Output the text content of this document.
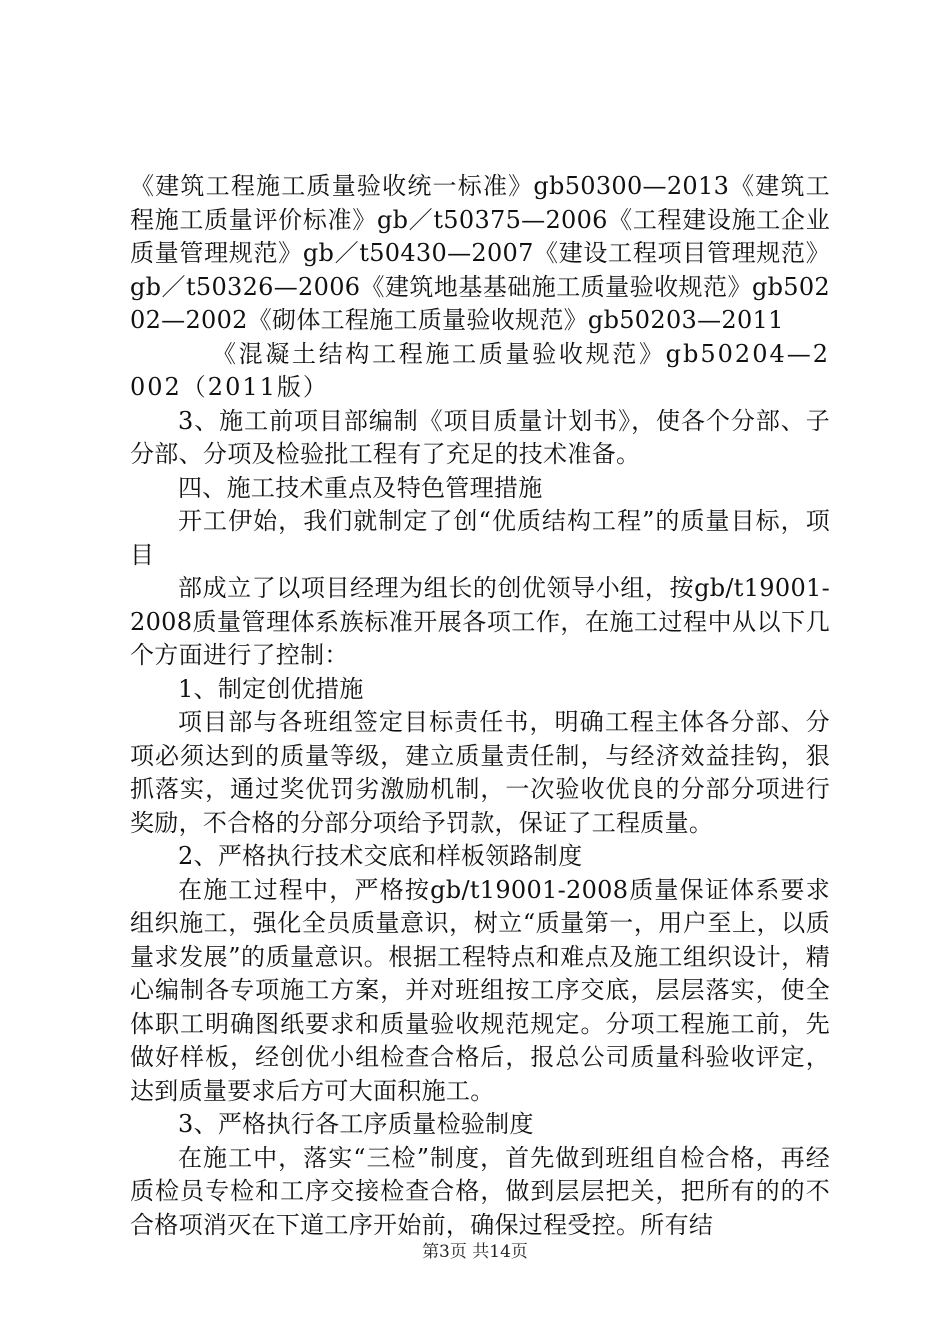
《建筑工程施工质量验收统一标准》gb50300—2013《建筑工程施工质量评价标准》gb／t50375—2006《工程建设施工企业质量管理规范》gb／t50430—2007《建设工程项目管理规范》gb／t50326—2006《建筑地基基础施工质量验收规范》gb50202—2002《砌体工程施工质量验收规范》gb50203—2011

《混凝土结构工程施工质量验收规范》gb50204—2002（2011版）

3、施工前项目部编制《项目质量计划书》，使各个分部、子分部、分项及检验批工程有了充足的技术准备。

四、施工技术重点及特色管理措施

开工伊始，我们就制定了创“优质结构工程”的质量目标，项目

部成立了以项目经理为组长的创优领导小组，按gb/t19001-2008质量管理体系族标准开展各项工作，在施工过程中从以下几个方面进行了控制：

1、制定创优措施

项目部与各班组签定目标责任书，明确工程主体各分部、分项必须达到的质量等级，建立质量责任制，与经济效益挂钩，狠抓落实，通过奖优罚劣激励机制，一次验收优良的分部分项进行奖励，不合格的分部分项给予罚款，保证了工程质量。

2、严格执行技术交底和样板领路制度

在施工过程中，严格按gb/t19001-2008质量保证体系要求组织施工，强化全员质量意识，树立“质量第一，用户至上，以质量求发展”的质量意识。根据工程特点和难点及施工组织设计，精心编制各专项施工方案，并对班组按工序交底，层层落实，使全体职工明确图纸要求和质量验收规范规定。分项工程施工前，先做好样板，经创优小组检查合格后，报总公司质量科验收评定，达到质量要求后方可大面积施工。

3、严格执行各工序质量检验制度

在施工中，落实“三检”制度，首先做到班组自检合格，再经质检员专检和工序交接检查合格，做到层层把关，把所有的的不合格项消灭在下道工序开始前，确保过程受控。所有结

第3页 共14页
